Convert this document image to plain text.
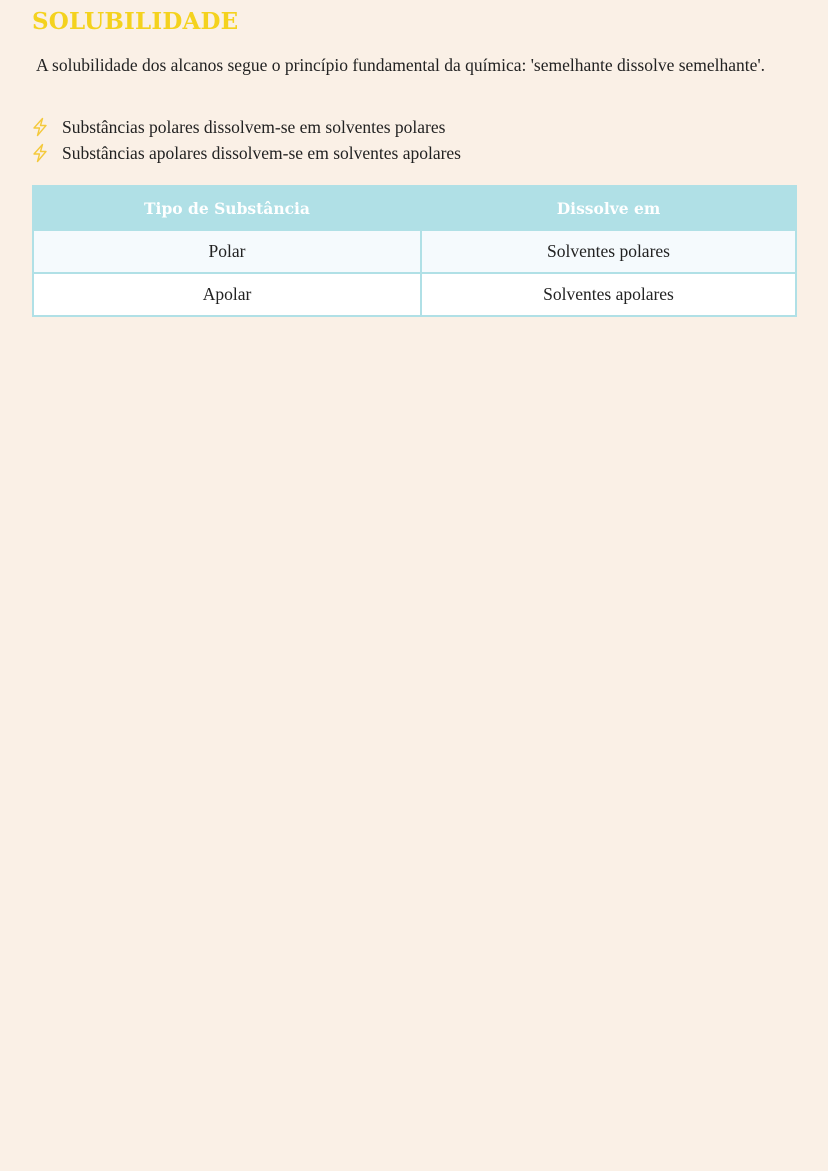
SOLUBILIDADE

A solubilidade dos alcanos segue o princípio fundamental da química: 'semelhante dissolve semelhante'.

Substâncias polares dissolvem-se em solventes polares
Substâncias apolares dissolvem-se em solventes apolares
Tipo de Substância	Dissolve em
Polar	Solventes polares
Apolar	Solventes apolares
